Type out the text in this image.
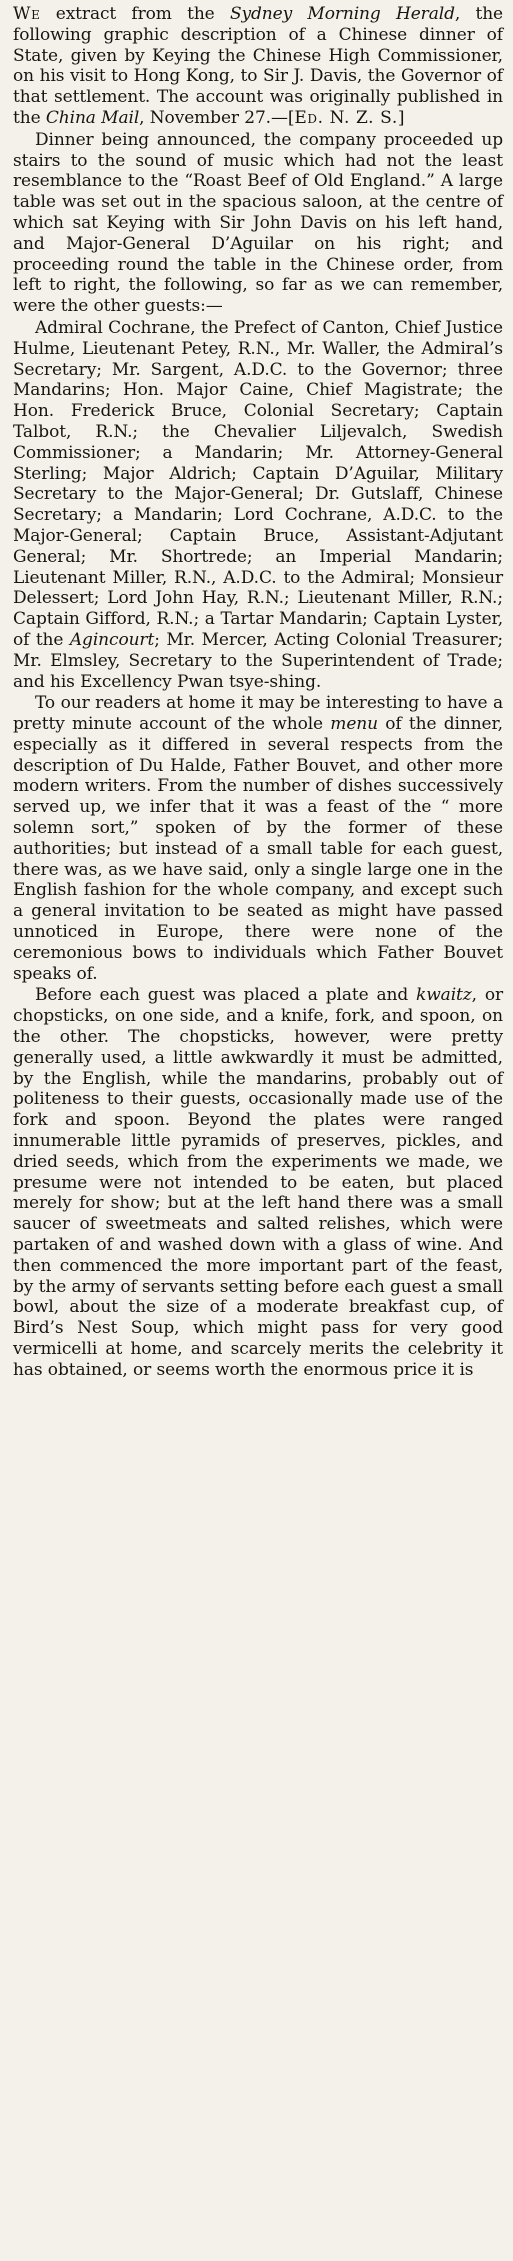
We extract from the Sydney Morning Herald, the following graphic description of a Chinese dinner of State, given by Keying the Chinese High Commissioner, on his visit to Hong Kong, to Sir J. Davis, the Governor of that settlement. The account was originally published in the China Mail, November 27.—[Ed. N. Z. S.]

Dinner being announced, the company proceeded up stairs to the sound of music which had not the least resemblance to the “Roast Beef of Old England.” A large table was set out in the spacious saloon, at the centre of which sat Keying with Sir John Davis on his left hand, and Major-General D’Aguilar on his right; and proceeding round the table in the Chinese order, from left to right, the following, so far as we can remember, were the other guests:—

Admiral Cochrane, the Prefect of Canton, Chief Justice Hulme, Lieutenant Petey, R.N., Mr. Waller, the Admiral’s Secretary; Mr. Sargent, A.D.C. to the Governor; three Mandarins; Hon. Major Caine, Chief Magistrate; the Hon. Frederick Bruce, Colonial Secretary; Captain Talbot, R.N.; the Chevalier Liljevalch, Swedish Commissioner; a Mandarin; Mr. Attorney-General Sterling; Major Aldrich; Captain D’Aguilar, Military Secretary to the Major-General; Dr. Gutslaff, Chinese Secretary; a Mandarin; Lord Cochrane, A.D.C. to the Major-General; Captain Bruce, Assistant-Adjutant General; Mr. Shortrede; an Imperial Mandarin; Lieutenant Miller, R.N., A.D.C. to the Admiral; Monsieur Delessert; Lord John Hay, R.N.; Lieutenant Miller, R.N.; Captain Gifford, R.N.; a Tartar Mandarin; Captain Lyster, of the Agincourt; Mr. Mercer, Acting Colonial Treasurer; Mr. Elmsley, Secretary to the Superintendent of Trade; and his Excellency Pwan tsye-shing.

To our readers at home it may be interesting to have a pretty minute account of the whole menu of the dinner, especially as it differed in several respects from the description of Du Halde, Father Bouvet, and other more modern writers. From the number of dishes successively served up, we infer that it was a feast of the “ more solemn sort,” spoken of by the former of these authorities; but instead of a small table for each guest, there was, as we have said, only a single large one in the English fashion for the whole company, and except such a general invitation to be seated as might have passed unnoticed in Europe, there were none of the ceremonious bows to individuals which Father Bouvet speaks of.

Before each guest was placed a plate and kwaitz, or chopsticks, on one side, and a knife, fork, and spoon, on the other. The chopsticks, however, were pretty generally used, a little awkwardly it must be admitted, by the English, while the mandarins, probably out of politeness to their guests, occasionally made use of the fork and spoon. Beyond the plates were ranged innumerable little pyramids of preserves, pickles, and dried seeds, which from the experiments we made, we presume were not intended to be eaten, but placed merely for show; but at the left hand there was a small saucer of sweetmeats and salted relishes, which were partaken of and washed down with a glass of wine. And then commenced the more important part of the feast, by the army of servants setting before each guest a small bowl, about the size of a moderate breakfast cup, of Bird’s Nest Soup, which might pass for very good vermicelli at home, and scarcely merits the celebrity it has obtained, or seems worth the enormous price it is
